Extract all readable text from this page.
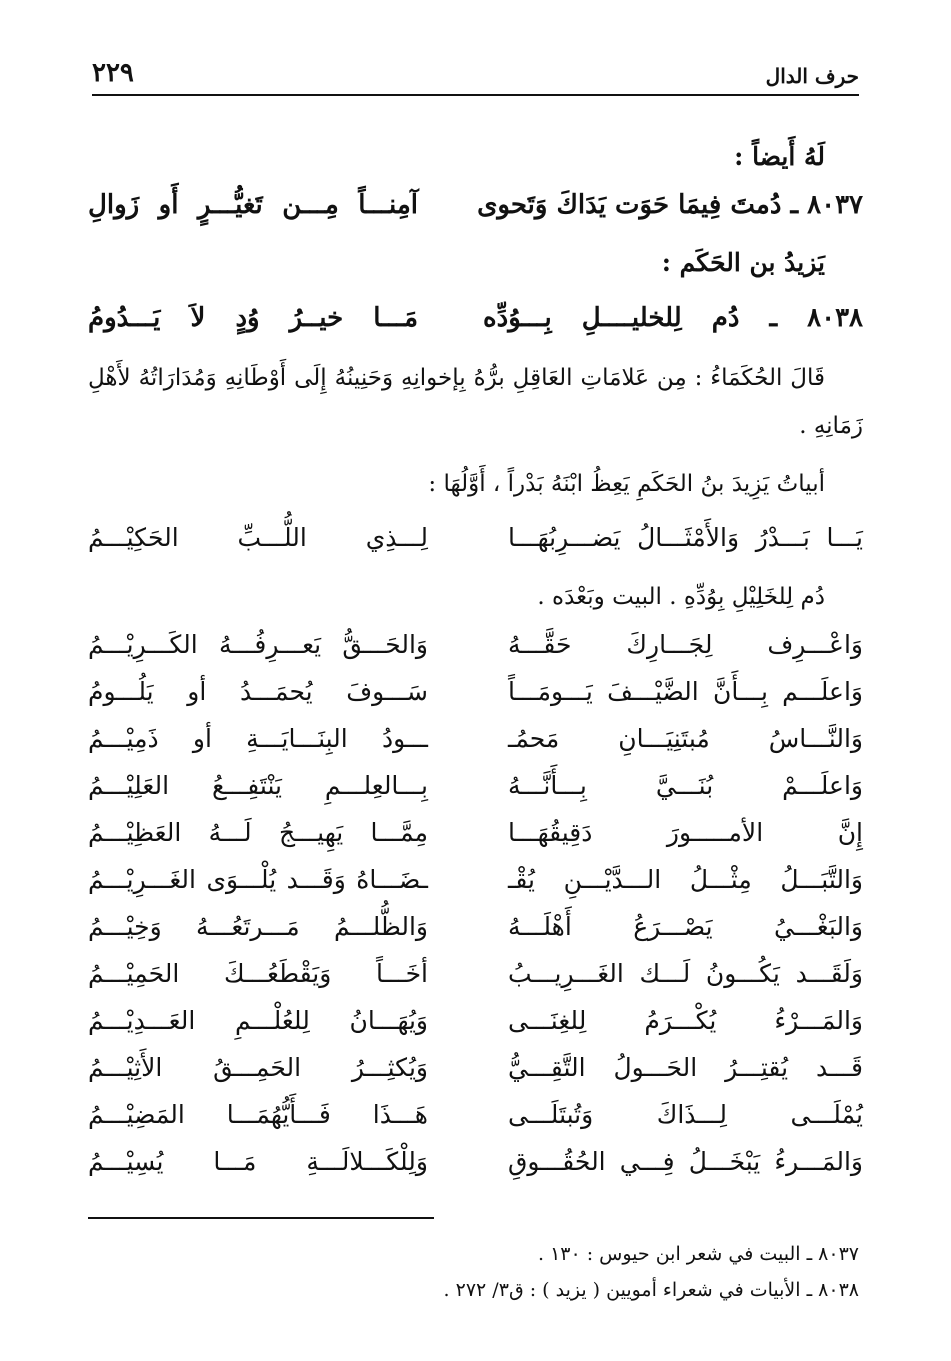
حرف الدال
٢٢٩
لَهُ أَيضاً :
٨٠٣٧ ـ دُمتَ فِيمَا حَوَت يَدَاكَ وَتَحوى
آمِنـــاً مِـــن تَغيُّـــرٍ أَو زَوالِ
يَزيدُ بن الحَكَم :
٨٠٣٨ ـ دُم لِلخليــــلِ بِـــوُدِّه
مَـــا خيــرُ وُدٍ لاَ يَـــدُومُ
قَالَ الحُكَمَاءُ : مِن عَلامَاتِ العَاقِلِ برُّهُ بِإخوانِهِ وَحَنِينُهُ إِلَى أَوْطَانِهِ وَمُدَارَاتُهُ لأَهْلِ زَمَانِهِ .
أبياتُ يَزِيدَ بنُ الحَكَمِ يَعِظُ ابْنَهُ بَدْراً ، أَوَّلُهَا :
يَـــا بَـــدْرُ وَالأَمْثَـــالُ يَضـــرِبُهَـــا
لِـــذِي اللُّـــبِّ الحَكِيْـــمُ
دُم لِلخَلِيْلِ بِوُدِّهِ . البيت وبَعْدَه .
وَاعْـــرِف لِجَـــارِكَ حَقَّـــهُ
وَالحَـــقُّ يَعـــرِفُـــهُ الكَـــرِيْـــمُ
وَاعلَـــم بِـــأَنَّ الضَّيْـــفَ يَـــومَـــاً
سَـــوفَ يُحمَـــدُ أو يَلُـــومُ
وَالنَّـــاسُ مُبتَنِيَـــانِ مَحمُـ
ـــودُ البِنَـــايَـــةِ أو ذَمِيْـــمُ
وَاعلَـــمْ بُنَـــيَّ بِـــأَنَّـــهُ
بِـــالعِلـــمِ يَنْتَفِـــعُ العَلِيْـــمُ
إِنَّ الأمـــــورَ دَقِيقُهَـــا
مِمَّـــا يَهِيـــجُ لَـــهُ العَظِيْـــمُ
وَالتَّبَـــلُ مِثْـــلُ الـــدَّيْـــنِ يُقْـ
ـضَـــاهُ وَقَـــد يُلْـــوَى الغَـــرِيْـــمُ
وَالبَغْـــيُ يَصْـــرَعُ أَهْلَـــهُ
وَالظُّلـــمُ مَـــرتَعُـــهُ وَخِيْـــمُ
وَلَقَـــد يَكُـــونُ لَـــك الغَـــرِيـــبُ
أخَـــاً وَيَقْطَعُـــكَ الحَمِيْـــمُ
وَالمَـــرْءُ يُكْـــرَمُ لِلغِنَـــى
وَيُهَـــانُ لِلعُلْـــمِ العَـــدِيْـــمُ
قَـــد يُقتِـــرُ الحَـــولُ التَّقِـــيُّ
وَيُكثِـــرُ الحَمِـــقُ الأَثِيْـــمُ
يُمْلَـــى لِـــذَاكَ وَتُبتَلَـــى
هَـــذَا فَـــأَيُّهُمَـــا المَضِيْـــمُ
وَالمَـــرءُ يَبْخَـــلُ فِـــي الحُقُـــوقِ
وَلِلْكَـــلالَـــةِ مَـــا يُسِيْـــمُ
٨٠٣٧ ـ البيت في شعر ابن حيوس : ١٣٠ .
٨٠٣٨ ـ الأبيات في شعراء أمويين ( يزيد ) : ق٣/ ٢٧٢ .
